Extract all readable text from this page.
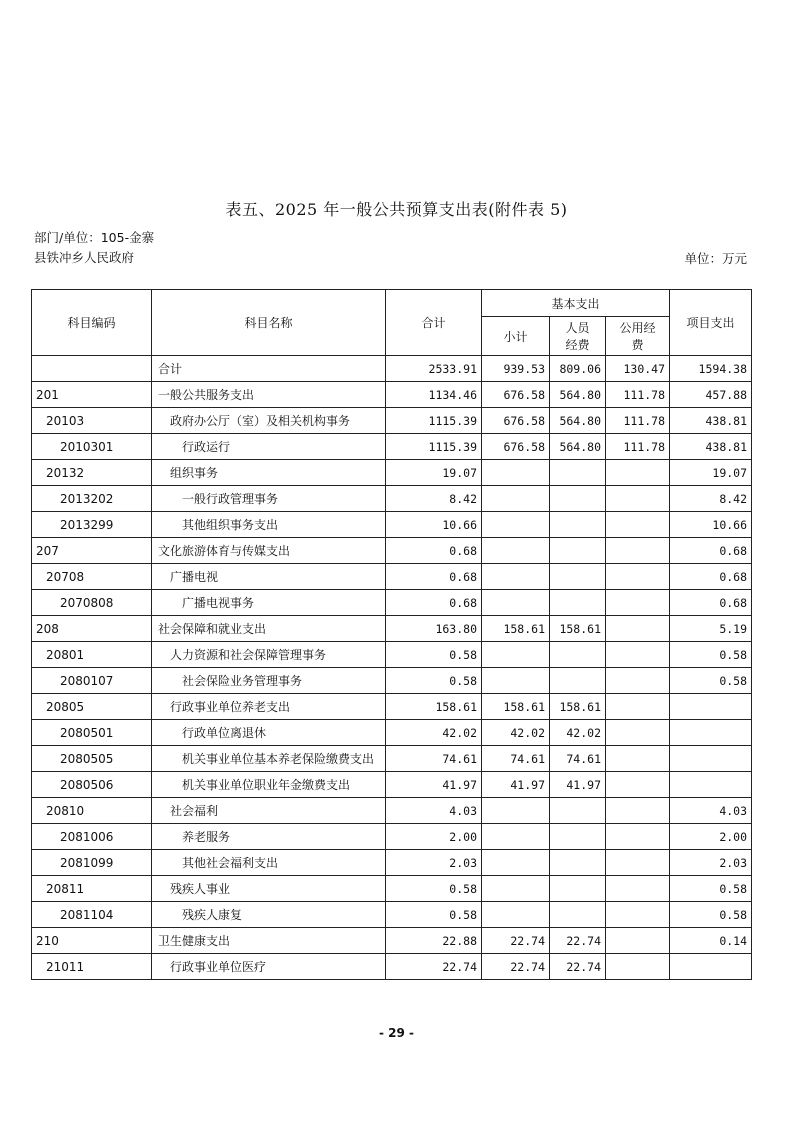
表五、2025 年一般公共预算支出表(附件表 5)
部门/单位：105-金寨县铁冲乡人民政府	单位：万元
科目编码	科目名称	合计	基本支出			项目支出
			小计	人员经费	公用经费	
	合计	2533.91	939.53	809.06	130.47	1594.38
201	一般公共服务支出	1134.46	676.58	564.80	111.78	457.88
20103	政府办公厅（室）及相关机构事务	1115.39	676.58	564.80	111.78	438.81
2010301	行政运行	1115.39	676.58	564.80	111.78	438.81
20132	组织事务	19.07				19.07
2013202	一般行政管理事务	8.42				8.42
2013299	其他组织事务支出	10.66				10.66
207	文化旅游体育与传媒支出	0.68				0.68
20708	广播电视	0.68				0.68
2070808	广播电视事务	0.68				0.68
208	社会保障和就业支出	163.80	158.61	158.61		5.19
20801	人力资源和社会保障管理事务	0.58				0.58
2080107	社会保险业务管理事务	0.58				0.58
20805	行政事业单位养老支出	158.61	158.61	158.61		
2080501	行政单位离退休	42.02	42.02	42.02		
2080505	机关事业单位基本养老保险缴费支出	74.61	74.61	74.61		
2080506	机关事业单位职业年金缴费支出	41.97	41.97	41.97		
20810	社会福利	4.03				4.03
2081006	养老服务	2.00				2.00
2081099	其他社会福利支出	2.03				2.03
20811	残疾人事业	0.58				0.58
2081104	残疾人康复	0.58				0.58
210	卫生健康支出	22.88	22.74	22.74		0.14
21011	行政事业单位医疗	22.74	22.74	22.74		
- 29 -
